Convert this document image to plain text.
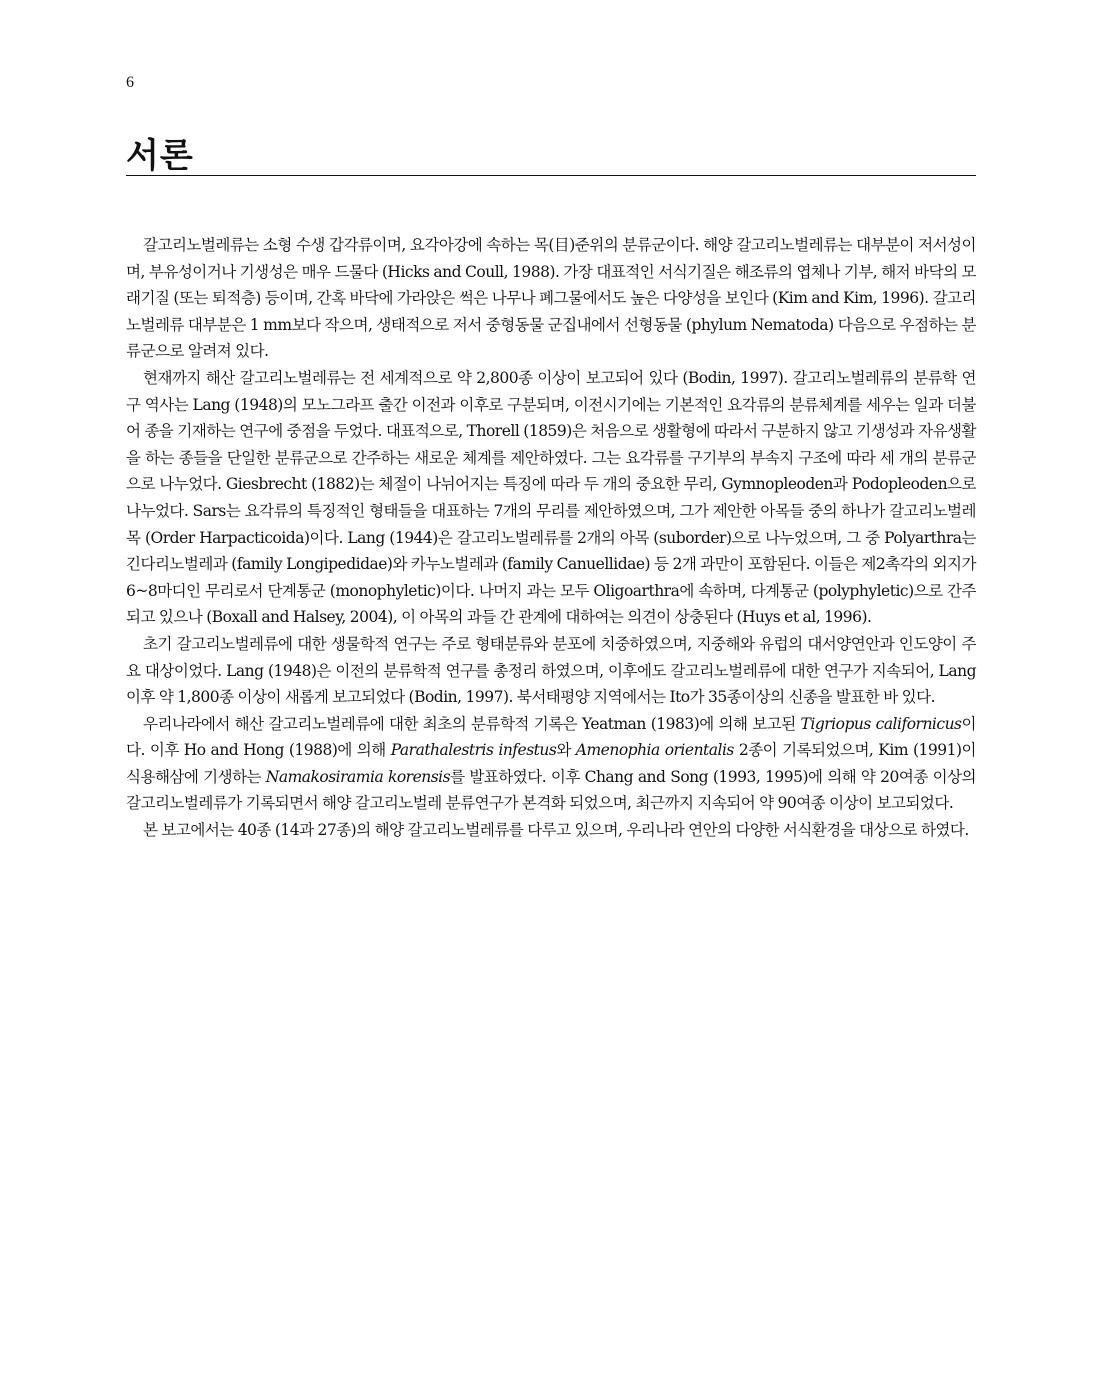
6
서론

갈고리노벌레류는 소형 수생 갑각류이며, 요각아강에 속하는 목(目)준위의 분류군이다. 해양 갈고리노벌레류는 대부분이 저서성이며, 부유성이거나 기생성은 매우 드물다 (Hicks and Coull, 1988). 가장 대표적인 서식기질은 해조류의 엽체나 기부, 해저 바닥의 모래기질 (또는 퇴적층) 등이며, 간혹 바닥에 가라앉은 썩은 나무나 폐그물에서도 높은 다양성을 보인다 (Kim and Kim, 1996). 갈고리노벌레류 대부분은 1 mm보다 작으며, 생태적으로 저서 중형동물 군집내에서 선형동물 (phylum Nematoda) 다음으로 우점하는 분류군으로 알려져 있다.

현재까지 해산 갈고리노벌레류는 전 세계적으로 약 2,800종 이상이 보고되어 있다 (Bodin, 1997). 갈고리노벌레류의 분류학 연구 역사는 Lang (1948)의 모노그라프 출간 이전과 이후로 구분되며, 이전시기에는 기본적인 요각류의 분류체계를 세우는 일과 더불어 종을 기재하는 연구에 중점을 두었다. 대표적으로, Thorell (1859)은 처음으로 생활형에 따라서 구분하지 않고 기생성과 자유생활을 하는 종들을 단일한 분류군으로 간주하는 새로운 체계를 제안하였다. 그는 요각류를 구기부의 부속지 구조에 따라 세 개의 분류군으로 나누었다. Giesbrecht (1882)는 체절이 나뉘어지는 특징에 따라 두 개의 중요한 무리, Gymnopleoden과 Podopleoden으로 나누었다. Sars는 요각류의 특징적인 형태들을 대표하는 7개의 무리를 제안하였으며, 그가 제안한 아목들 중의 하나가 갈고리노벌레목 (Order Harpacticoida)이다. Lang (1944)은 갈고리노벌레류를 2개의 아목 (suborder)으로 나누었으며, 그 중 Polyarthra는 긴다리노벌레과 (family Longipedidae)와 카누노벌레과 (family Canuellidae) 등 2개 과만이 포함된다. 이들은 제2촉각의 외지가 6~8마디인 무리로서 단계통군 (monophyletic)이다. 나머지 과는 모두 Oligoarthra에 속하며, 다계통군 (polyphyletic)으로 간주되고 있으나 (Boxall and Halsey, 2004), 이 아목의 과들 간 관계에 대하여는 의견이 상충된다 (Huys et al, 1996).

초기 갈고리노벌레류에 대한 생물학적 연구는 주로 형태분류와 분포에 치중하였으며, 지중해와 유럽의 대서양연안과 인도양이 주요 대상이었다. Lang (1948)은 이전의 분류학적 연구를 총정리 하였으며, 이후에도 갈고리노벌레류에 대한 연구가 지속되어, Lang 이후 약 1,800종 이상이 새롭게 보고되었다 (Bodin, 1997). 북서태평양 지역에서는 Ito가 35종이상의 신종을 발표한 바 있다.

우리나라에서 해산 갈고리노벌레류에 대한 최초의 분류학적 기록은 Yeatman (1983)에 의해 보고된 Tigriopus californicus이다. 이후 Ho and Hong (1988)에 의해 Parathalestris infestus와 Amenophia orientalis 2종이 기록되었으며, Kim (1991)이 식용해삼에 기생하는 Namakosiramia korensis를 발표하였다. 이후 Chang and Song (1993, 1995)에 의해 약 20여종 이상의 갈고리노벌레류가 기록되면서 해양 갈고리노벌레 분류연구가 본격화 되었으며, 최근까지 지속되어 약 90여종 이상이 보고되었다.

본 보고에서는 40종 (14과 27종)의 해양 갈고리노벌레류를 다루고 있으며, 우리나라 연안의 다양한 서식환경을 대상으로 하였다.
